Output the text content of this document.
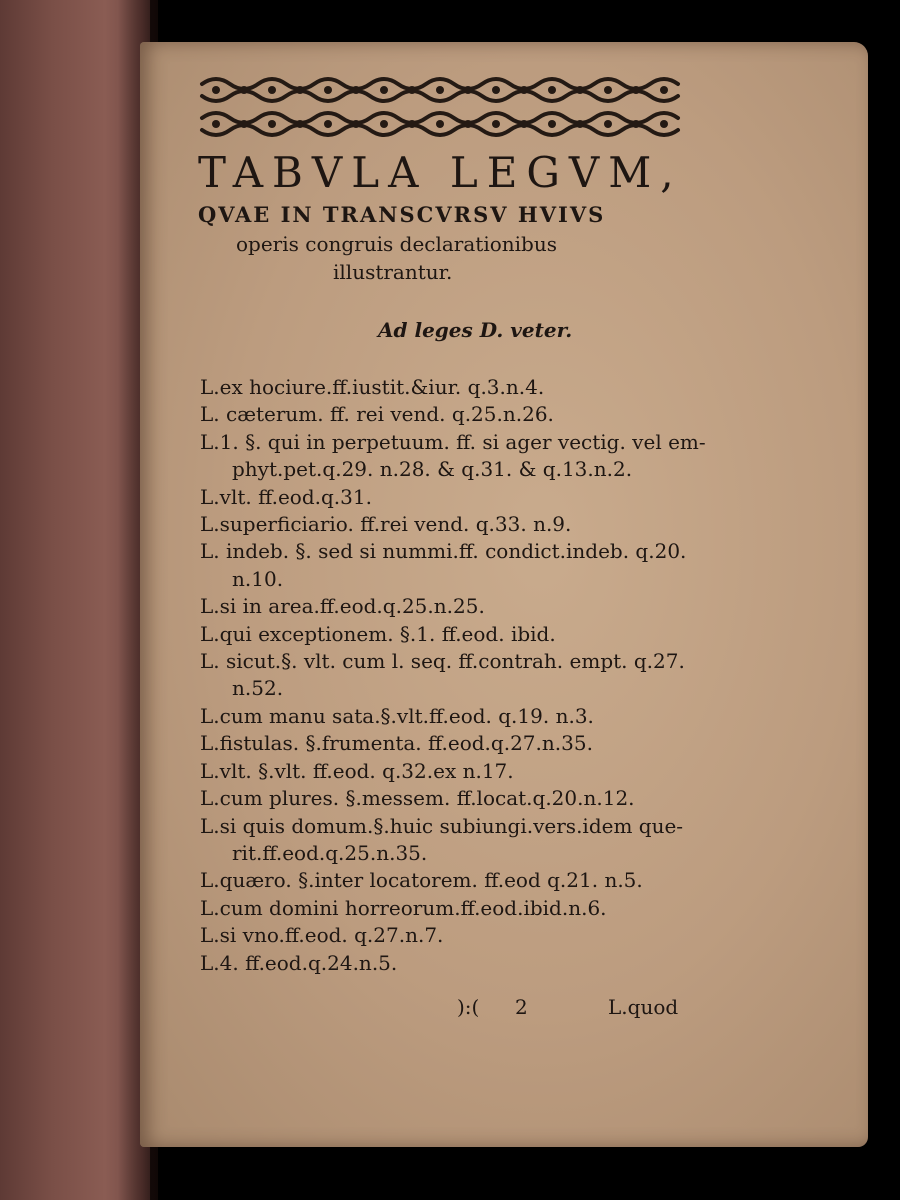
TABVLA LEGVM,
QVAE IN TRANSCVRSV HVIVS
operis congruis declarationibus
illustrantur.
Ad leges D. veter.
L.ex hociure.ff.iustit.&iur. q.3.n.4.
L. cæterum. ff. rei vend. q.25.n.26.
L.1. §. qui in perpetuum. ff. si ager vectig. vel em-
phyt.pet.q.29. n.28. & q.31. & q.13.n.2.
L.vlt. ff.eod.q.31.
L.superficiario. ff.rei vend. q.33. n.9.
L. indeb. §. sed si nummi.ff. condict.indeb. q.20.
n.10.
L.si in area.ff.eod.q.25.n.25.
L.qui exceptionem. §.1. ff.eod. ibid.
L. sicut.§. vlt. cum l. seq. ff.contrah. empt. q.27.
n.52.
L.cum manu sata.§.vlt.ff.eod. q.19. n.3.
L.fistulas. §.frumenta. ff.eod.q.27.n.35.
L.vlt. §.vlt. ff.eod. q.32.ex n.17.
L.cum plures. §.messem. ff.locat.q.20.n.12.
L.si quis domum.§.huic subiungi.vers.idem que-
rit.ff.eod.q.25.n.35.
L.quæro. §.inter locatorem. ff.eod q.21. n.5.
L.cum domini horreorum.ff.eod.ibid.n.6.
L.si vno.ff.eod. q.27.n.7.
L.4. ff.eod.q.24.n.5.
):( 2	L.quod
